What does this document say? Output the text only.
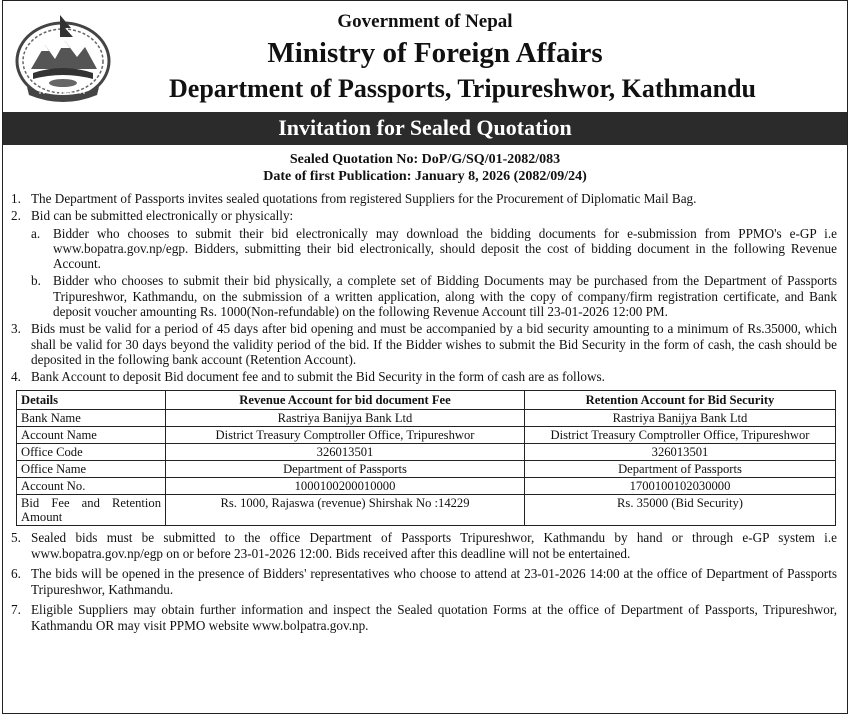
Government of Nepal
Ministry of Foreign Affairs
Department of Passports, Tripureshwor, Kathmandu
Invitation for Sealed Quotation
Sealed Quotation No: DoP/G/SQ/01-2082/083
Date of first Publication: January 8, 2026 (2082/09/24)
1. The Department of Passports invites sealed quotations from registered Suppliers for the Procurement of Diplomatic Mail Bag.
2. Bid can be submitted electronically or physically:
a. Bidder who chooses to submit their bid electronically may download the bidding documents for e-submission from PPMO's e-GP i.e www.bopatra.gov.np/egp. Bidders, submitting their bid electronically, should deposit the cost of bidding document in the following Revenue Account.
b. Bidder who chooses to submit their bid physically, a complete set of Bidding Documents may be purchased from the Department of Passports Tripureshwor, Kathmandu, on the submission of a written application, along with the copy of company/firm registration certificate, and Bank deposit voucher amounting Rs. 1000(Non-refundable) on the following Revenue Account till 23-01-2026 12:00 PM.
3. Bids must be valid for a period of 45 days after bid opening and must be accompanied by a bid security amounting to a minimum of Rs.35000, which shall be valid for 30 days beyond the validity period of the bid. If the Bidder wishes to submit the Bid Security in the form of cash, the cash should be deposited in the following bank account (Retention Account).
4. Bank Account to deposit Bid document fee and to submit the Bid Security in the form of cash are as follows.
Details	Revenue Account for bid document Fee	Retention Account for Bid Security
Bank Name	Rastriya Banijya Bank Ltd	Rastriya Banijya Bank Ltd
Account Name	District Treasury Comptroller Office, Tripureshwor	District Treasury Comptroller Office, Tripureshwor
Office Code	326013501	326013501
Office Name	Department of Passports	Department of Passports
Account No.	1000100200010000	1700100102030000
Bid Fee and Retention Amount	Rs. 1000, Rajaswa (revenue) Shirshak No :14229	Rs. 35000 (Bid Security)
5. Sealed bids must be submitted to the office Department of Passports Tripureshwor, Kathmandu by hand or through e-GP system i.e www.bopatra.gov.np/egp on or before 23-01-2026 12:00. Bids received after this deadline will not be entertained.
6. The bids will be opened in the presence of Bidders' representatives who choose to attend at 23-01-2026 14:00 at the office of Department of Passports Tripureshwor, Kathmandu.
7. Eligible Suppliers may obtain further information and inspect the Sealed quotation Forms at the office of Department of Passports, Tripureshwor, Kathmandu OR may visit PPMO website www.bolpatra.gov.np.
